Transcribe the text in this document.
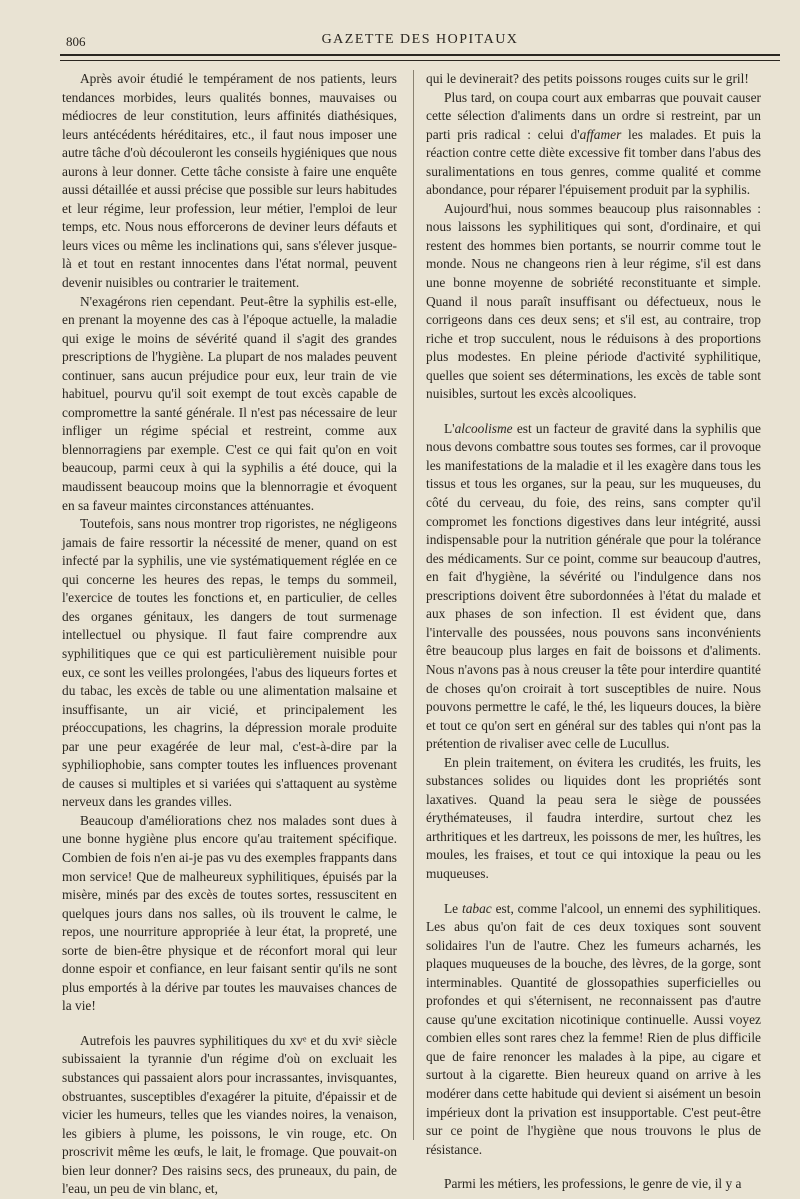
806	GAZETTE DES HOPITAUX

Après avoir étudié le tempérament de nos patients, leurs tendances morbides, leurs qualités bonnes, mauvaises ou médiocres de leur constitution, leurs affinités diathésiques, leurs antécédents héréditaires, etc., il faut nous imposer une autre tâche d'où découleront les conseils hygiéniques que nous aurons à leur donner. Cette tâche consiste à faire une enquête aussi détaillée et aussi précise que possible sur leurs habitudes et leur régime, leur profession, leur métier, l'emploi de leur temps, etc. Nous nous efforcerons de deviner leurs défauts et leurs vices ou même les inclinations qui, sans s'élever jusque-là et tout en restant innocentes dans l'état normal, peuvent devenir nuisibles ou contrarier le traitement.

N'exagérons rien cependant. Peut-être la syphilis est-elle, en prenant la moyenne des cas à l'époque actuelle, la maladie qui exige le moins de sévérité quand il s'agit des grandes prescriptions de l'hygiène. La plupart de nos malades peuvent continuer, sans aucun préjudice pour eux, leur train de vie habituel, pourvu qu'il soit exempt de tout excès capable de compromettre la santé générale. Il n'est pas nécessaire de leur infliger un régime spécial et restreint, comme aux blennorragiens par exemple. C'est ce qui fait qu'on en voit beaucoup, parmi ceux à qui la syphilis a été douce, qui la maudissent beaucoup moins que la blennorragie et évoquent en sa faveur maintes circonstances atténuantes.

Toutefois, sans nous montrer trop rigoristes, ne négligeons jamais de faire ressortir la nécessité de mener, quand on est infecté par la syphilis, une vie systématiquement réglée en ce qui concerne les heures des repas, le temps du sommeil, l'exercice de toutes les fonctions et, en particulier, de celles des organes génitaux, les dangers de tout surmenage intellectuel ou physique. Il faut faire comprendre aux syphilitiques que ce qui est particulièrement nuisible pour eux, ce sont les veilles prolongées, l'abus des liqueurs fortes et du tabac, les excès de table ou une alimentation malsaine et insuffisante, un air vicié, et principalement les préoccupations, les chagrins, la dépression morale produite par une peur exagérée de leur mal, c'est-à-dire par la syphiliophobie, sans compter toutes les influences provenant de causes si multiples et si variées qui s'attaquent au système nerveux dans les grandes villes.

Beaucoup d'améliorations chez nos malades sont dues à une bonne hygiène plus encore qu'au traitement spécifique. Combien de fois n'en ai-je pas vu des exemples frappants dans mon service! Que de malheureux syphilitiques, épuisés par la misère, minés par des excès de toutes sortes, ressuscitent en quelques jours dans nos salles, où ils trouvent le calme, le repos, une nourriture appropriée à leur état, la propreté, une sorte de bien-être physique et de réconfort moral qui leur donne espoir et confiance, en leur faisant sentir qu'ils ne sont plus emportés à la dérive par toutes les mauvaises chances de la vie!

Autrefois les pauvres syphilitiques du xvᵉ et du xviᵉ siècle subissaient la tyrannie d'un régime d'où on excluait les substances qui passaient alors pour incrassantes, invisquantes, obstruantes, susceptibles d'exagérer la pituite, d'épaissir et de vicier les humeurs, telles que les viandes noires, la venaison, les gibiers à plume, les poissons, le vin rouge, etc. On proscrivit même les œufs, le lait, le fromage. Que pouvait-on bien leur donner? Des raisins secs, des pruneaux, du pain, de l'eau, un peu de vin blanc, et,

qui le devinerait? des petits poissons rouges cuits sur le gril!

Plus tard, on coupa court aux embarras que pouvait causer cette sélection d'aliments dans un ordre si restreint, par un parti pris radical : celui d'affamer les malades. Et puis la réaction contre cette diète excessive fit tomber dans l'abus des suralimentations en tous genres, comme qualité et comme abondance, pour réparer l'épuisement produit par la syphilis.

Aujourd'hui, nous sommes beaucoup plus raisonnables : nous laissons les syphilitiques qui sont, d'ordinaire, et qui restent des hommes bien portants, se nourrir comme tout le monde. Nous ne changeons rien à leur régime, s'il est dans une bonne moyenne de sobriété reconstituante et simple. Quand il nous paraît insuffisant ou défectueux, nous le corrigeons dans ces deux sens; et s'il est, au contraire, trop riche et trop succulent, nous le réduisons à des proportions plus modestes. En pleine période d'activité syphilitique, quelles que soient ses déterminations, les excès de table sont nuisibles, surtout les excès alcooliques.

L'alcoolisme est un facteur de gravité dans la syphilis que nous devons combattre sous toutes ses formes, car il provoque les manifestations de la maladie et il les exagère dans tous les tissus et tous les organes, sur la peau, sur les muqueuses, du côté du cerveau, du foie, des reins, sans compter qu'il compromet les fonctions digestives dans leur intégrité, aussi indispensable pour la nutrition générale que pour la tolérance des médicaments. Sur ce point, comme sur beaucoup d'autres, en fait d'hygiène, la sévérité ou l'indulgence dans nos prescriptions doivent être subordonnées à l'état du malade et aux phases de son infection. Il est évident que, dans l'intervalle des poussées, nous pouvons sans inconvénients être beaucoup plus larges en fait de boissons et d'aliments. Nous n'avons pas à nous creuser la tête pour interdire quantité de choses qu'on croirait à tort susceptibles de nuire. Nous pouvons permettre le café, le thé, les liqueurs douces, la bière et tout ce qu'on sert en général sur des tables qui n'ont pas la prétention de rivaliser avec celle de Lucullus.

En plein traitement, on évitera les crudités, les fruits, les substances solides ou liquides dont les propriétés sont laxatives. Quand la peau sera le siège de poussées érythémateuses, il faudra interdire, surtout chez les arthritiques et les dartreux, les poissons de mer, les huîtres, les moules, les fraises, et tout ce qui intoxique la peau ou les muqueuses.

Le tabac est, comme l'alcool, un ennemi des syphilitiques. Les abus qu'on fait de ces deux toxiques sont souvent solidaires l'un de l'autre. Chez les fumeurs acharnés, les plaques muqueuses de la bouche, des lèvres, de la gorge, sont interminables. Quantité de glossopathies superficielles ou profondes et qui s'éternisent, ne reconnaissent pas d'autre cause qu'une excitation nicotinique continuelle. Aussi voyez combien elles sont rares chez la femme! Rien de plus difficile que de faire renoncer les malades à la pipe, au cigare et surtout à la cigarette. Bien heureux quand on arrive à les modérer dans cette habitude qui devient si aisément un besoin impérieux dont la privation est insupportable. C'est peut-être sur ce point de l'hygiène que nous trouvons le plus de résistance.

Parmi les métiers, les professions, le genre de vie, il y a
